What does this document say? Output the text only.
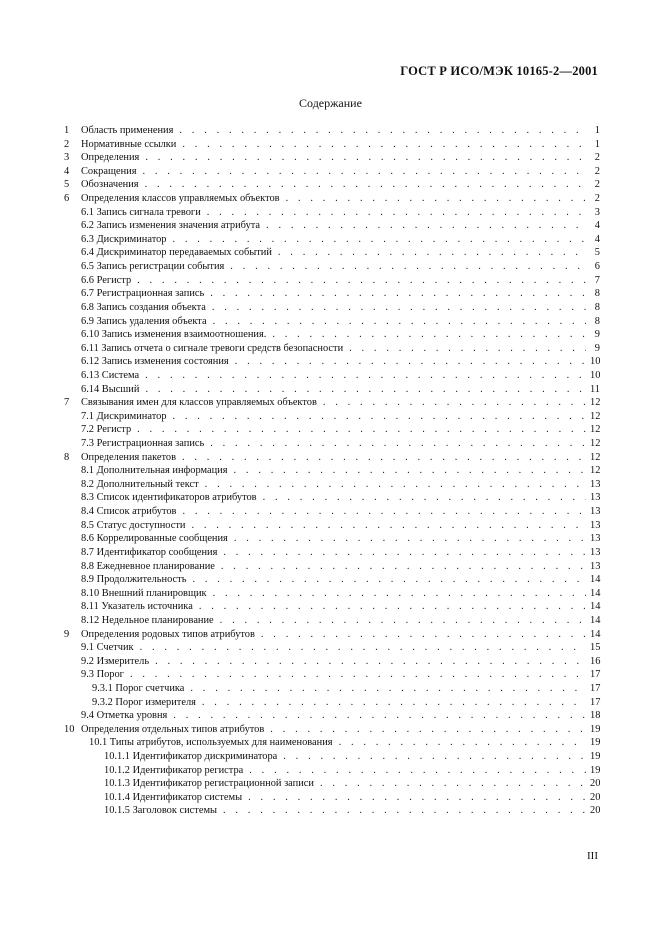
ГОСТ Р ИСО/МЭК 10165-2—2001
Содержание
1	Область применения . . .	1
2	Нормативные ссылки . . .	1
3	Определения . . .	2
4	Сокращения . . .	2
5	Обозначения . . .	2
6	Определения классов управляемых объектов . . .	2
6.1 Запись сигнала тревоги . . .	3
6.2 Запись изменения значения атрибута . . .	4
6.3 Дискриминатор . . .	4
6.4 Дискриминатор передаваемых событий . . .	5
6.5 Запись регистрации события . . .	6
6.6 Регистр . . .	7
6.7 Регистрационная запись . . .	8
6.8 Запись создания объекта . . .	8
6.9 Запись удаления объекта . . .	8
6.10 Запись изменения взаимоотношения. . . .	9
6.11 Запись отчета о сигнале тревоги средств безопасности . . .	9
6.12 Запись изменения состояния . . .	10
6.13 Система . . .	10
6.14 Высший . . .	11
7	Связывания имен для классов управляемых объектов . . .	12
7.1 Дискриминатор . . .	12
7.2 Регистр . . .	12
7.3 Регистрационная запись . . .	12
8	Определения пакетов . . .	12
8.1 Дополнительная информация . . .	12
8.2 Дополнительный текст . . .	13
8.3 Список идентификаторов атрибутов . . .	13
8.4 Список атрибутов . . .	13
8.5 Статус доступности . . .	13
8.6 Коррелированные сообщения . . .	13
8.7 Идентификатор сообщения . . .	13
8.8 Ежедневное планирование . . .	13
8.9 Продолжительность . . .	14
8.10 Внешний планировщик . . .	14
8.11 Указатель источника . . .	14
8.12 Недельное планирование . . .	14
9	Определения родовых типов атрибутов . . .	14
9.1 Счетчик . . .	15
9.2 Измеритель . . .	16
9.3 Порог . . .	17
9.3.1 Порог счетчика . . .	17
9.3.2 Порог измерителя . . .	17
9.4 Отметка уровня . . .	18
10 Определения отдельных типов атрибутов . . .	19
10.1 Типы атрибутов, используемых для наименования . . .	19
10.1.1 Идентификатор дискриминатора . . .	19
10.1.2 Идентификатор регистра . . .	19
10.1.3 Идентификатор регистрационной записи . . .	20
10.1.4 Идентификатор системы . . .	20
10.1.5 Заголовок системы . . .	20
III
